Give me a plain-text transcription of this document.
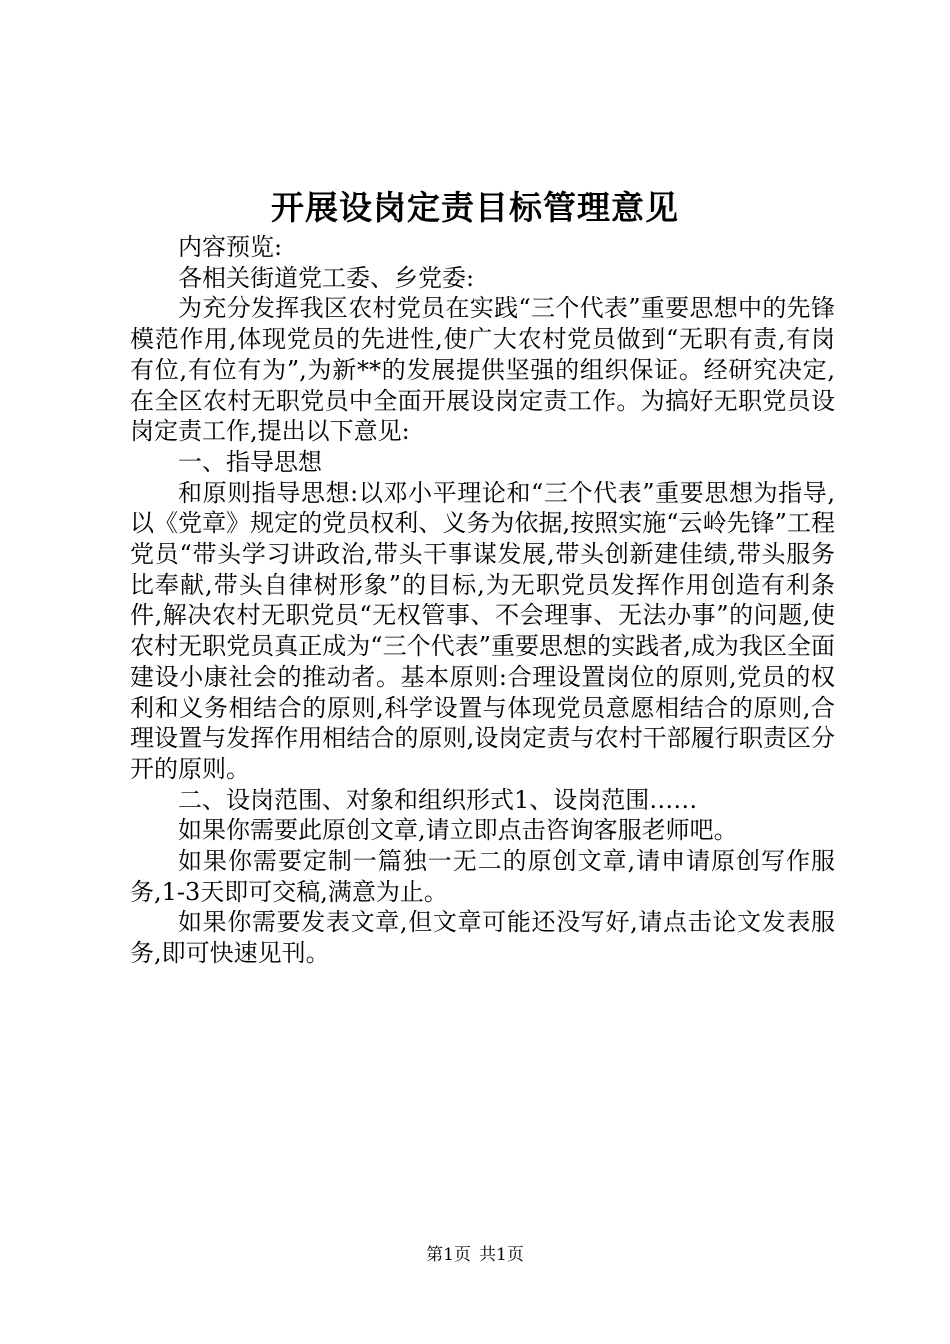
开展设岗定责目标管理意见

内容预览:

各相关街道党工委、乡党委:

为充分发挥我区农村党员在实践“三个代表”重要思想中的先锋模范作用,体现党员的先进性,使广大农村党员做到“无职有责,有岗有位,有位有为”,为新**的发展提供坚强的组织保证。经研究决定,在全区农村无职党员中全面开展设岗定责工作。为搞好无职党员设岗定责工作,提出以下意见:

一、指导思想

和原则指导思想:以邓小平理论和“三个代表”重要思想为指导,以《党章》规定的党员权利、义务为依据,按照实施“云岭先锋”工程党员“带头学习讲政治,带头干事谋发展,带头创新建佳绩,带头服务比奉献,带头自律树形象”的目标,为无职党员发挥作用创造有利条件,解决农村无职党员“无权管事、不会理事、无法办事”的问题,使农村无职党员真正成为“三个代表”重要思想的实践者,成为我区全面建设小康社会的推动者。基本原则:合理设置岗位的原则,党员的权利和义务相结合的原则,科学设置与体现党员意愿相结合的原则,合理设置与发挥作用相结合的原则,设岗定责与农村干部履行职责区分开的原则。

二、设岗范围、对象和组织形式1、设岗范围……

如果你需要此原创文章,请立即点击咨询客服老师吧。

如果你需要定制一篇独一无二的原创文章,请申请原创写作服务,1-3天即可交稿,满意为止。

如果你需要发表文章,但文章可能还没写好,请点击论文发表服务,即可快速见刊。

第1页 共1页
